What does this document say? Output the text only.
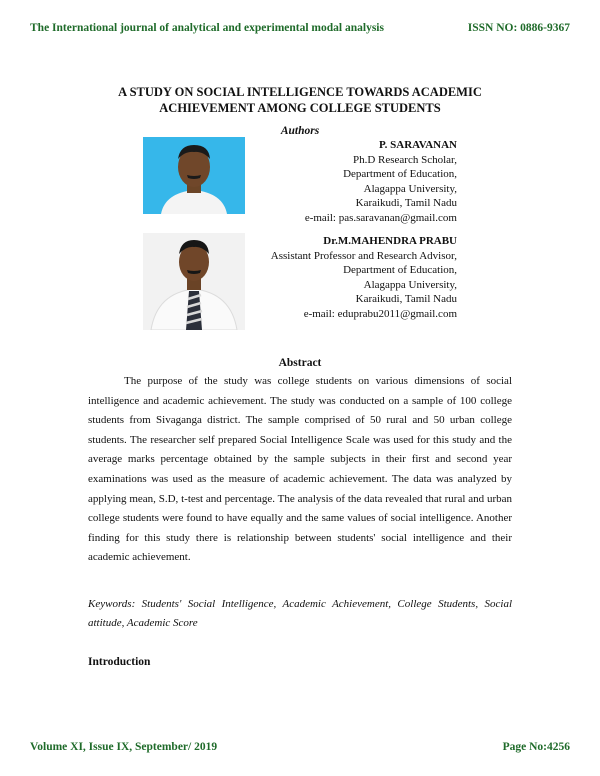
The International journal of analytical and experimental modal analysis	ISSN NO: 0886-9367
A STUDY ON SOCIAL INTELLIGENCE TOWARDS ACADEMIC ACHIEVEMENT AMONG COLLEGE STUDENTS
Authors
P. SARAVANAN
Ph.D Research Scholar,
Department of Education,
Alagappa University,
Karaikudi, Tamil Nadu
e-mail: pas.saravanan@gmail.com
Dr.M.MAHENDRA PRABU
Assistant Professor and Research Advisor,
Department of Education,
Alagappa University,
Karaikudi, Tamil Nadu
e-mail: eduprabu2011@gmail.com
Abstract

The purpose of the study was college students on various dimensions of social intelligence and academic achievement. The study was conducted on a sample of 100 college students from Sivaganga district. The sample comprised of 50 rural and 50 urban college students. The researcher self prepared Social Intelligence Scale was used for this study and the average marks percentage obtained by the sample subjects in their first and second year examinations was used as the measure of academic achievement. The data was analyzed by applying mean, S.D, t-test and percentage. The analysis of the data revealed that rural and urban college students were found to have equally and the same values of social intelligence. Another finding for this study there is relationship between students' social intelligence and their academic achievement.

Keywords: Students' Social Intelligence, Academic Achievement, College Students, Social attitude, Academic Score

Introduction
Volume XI, Issue IX, September/ 2019	Page No:4256
